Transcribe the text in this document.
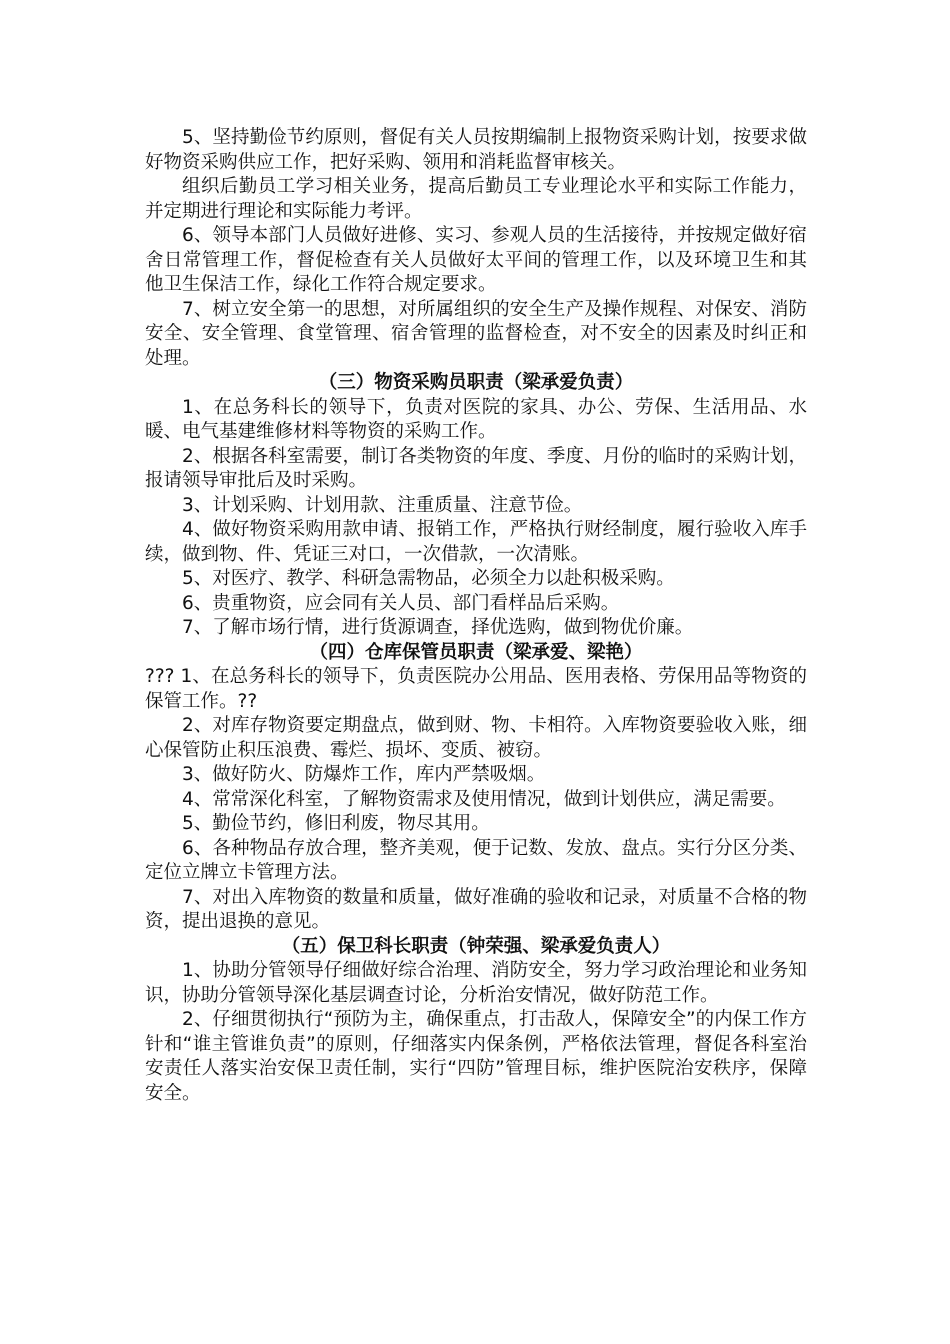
5、坚持勤俭节约原则，督促有关人员按期编制上报物资采购计划，按要求做好物资采购供应工作，把好采购、领用和消耗监督审核关。

组织后勤员工学习相关业务，提高后勤员工专业理论水平和实际工作能力，并定期进行理论和实际能力考评。

6、领导本部门人员做好进修、实习、参观人员的生活接待，并按规定做好宿舍日常管理工作，督促检查有关人员做好太平间的管理工作，以及环境卫生和其他卫生保洁工作，绿化工作符合规定要求。

7、树立安全第一的思想，对所属组织的安全生产及操作规程、对保安、消防安全、安全管理、食堂管理、宿舍管理的监督检查，对不安全的因素及时纠正和处理。

（三）物资采购员职责（梁承爱负责）

1、在总务科长的领导下，负责对医院的家具、办公、劳保、生活用品、水暖、电气基建维修材料等物资的采购工作。

2、根据各科室需要，制订各类物资的年度、季度、月份的临时的采购计划，报请领导审批后及时采购。

3、计划采购、计划用款、注重质量、注意节俭。

4、做好物资采购用款申请、报销工作，严格执行财经制度，履行验收入库手续，做到物、件、凭证三对口，一次借款，一次清账。

5、对医疗、教学、科研急需物品，必须全力以赴积极采购。

6、贵重物资，应会同有关人员、部门看样品后采购。

7、了解市场行情，进行货源调查，择优选购，做到物优价廉。

（四）仓库保管员职责（梁承爱、梁艳）

??? 1、在总务科长的领导下，负责医院办公用品、医用表格、劳保用品等物资的保管工作。??

2、对库存物资要定期盘点，做到财、物、卡相符。入库物资要验收入账，细心保管防止积压浪费、霉烂、损坏、变质、被窃。

3、做好防火、防爆炸工作，库内严禁吸烟。

4、常常深化科室，了解物资需求及使用情况，做到计划供应，满足需要。

5、勤俭节约，修旧利废，物尽其用。

6、各种物品存放合理，整齐美观，便于记数、发放、盘点。实行分区分类、定位立牌立卡管理方法。

7、对出入库物资的数量和质量，做好准确的验收和记录，对质量不合格的物资，提出退换的意见。

（五）保卫科长职责（钟荣强、梁承爱负责人）

1、协助分管领导仔细做好综合治理、消防安全，努力学习政治理论和业务知识，协助分管领导深化基层调查讨论，分析治安情况，做好防范工作。

2、仔细贯彻执行“预防为主，确保重点，打击敌人，保障安全”的内保工作方针和“谁主管谁负责”的原则，仔细落实内保条例，严格依法管理，督促各科室治安责任人落实治安保卫责任制，实行“四防”管理目标，维护医院治安秩序，保障安全。
